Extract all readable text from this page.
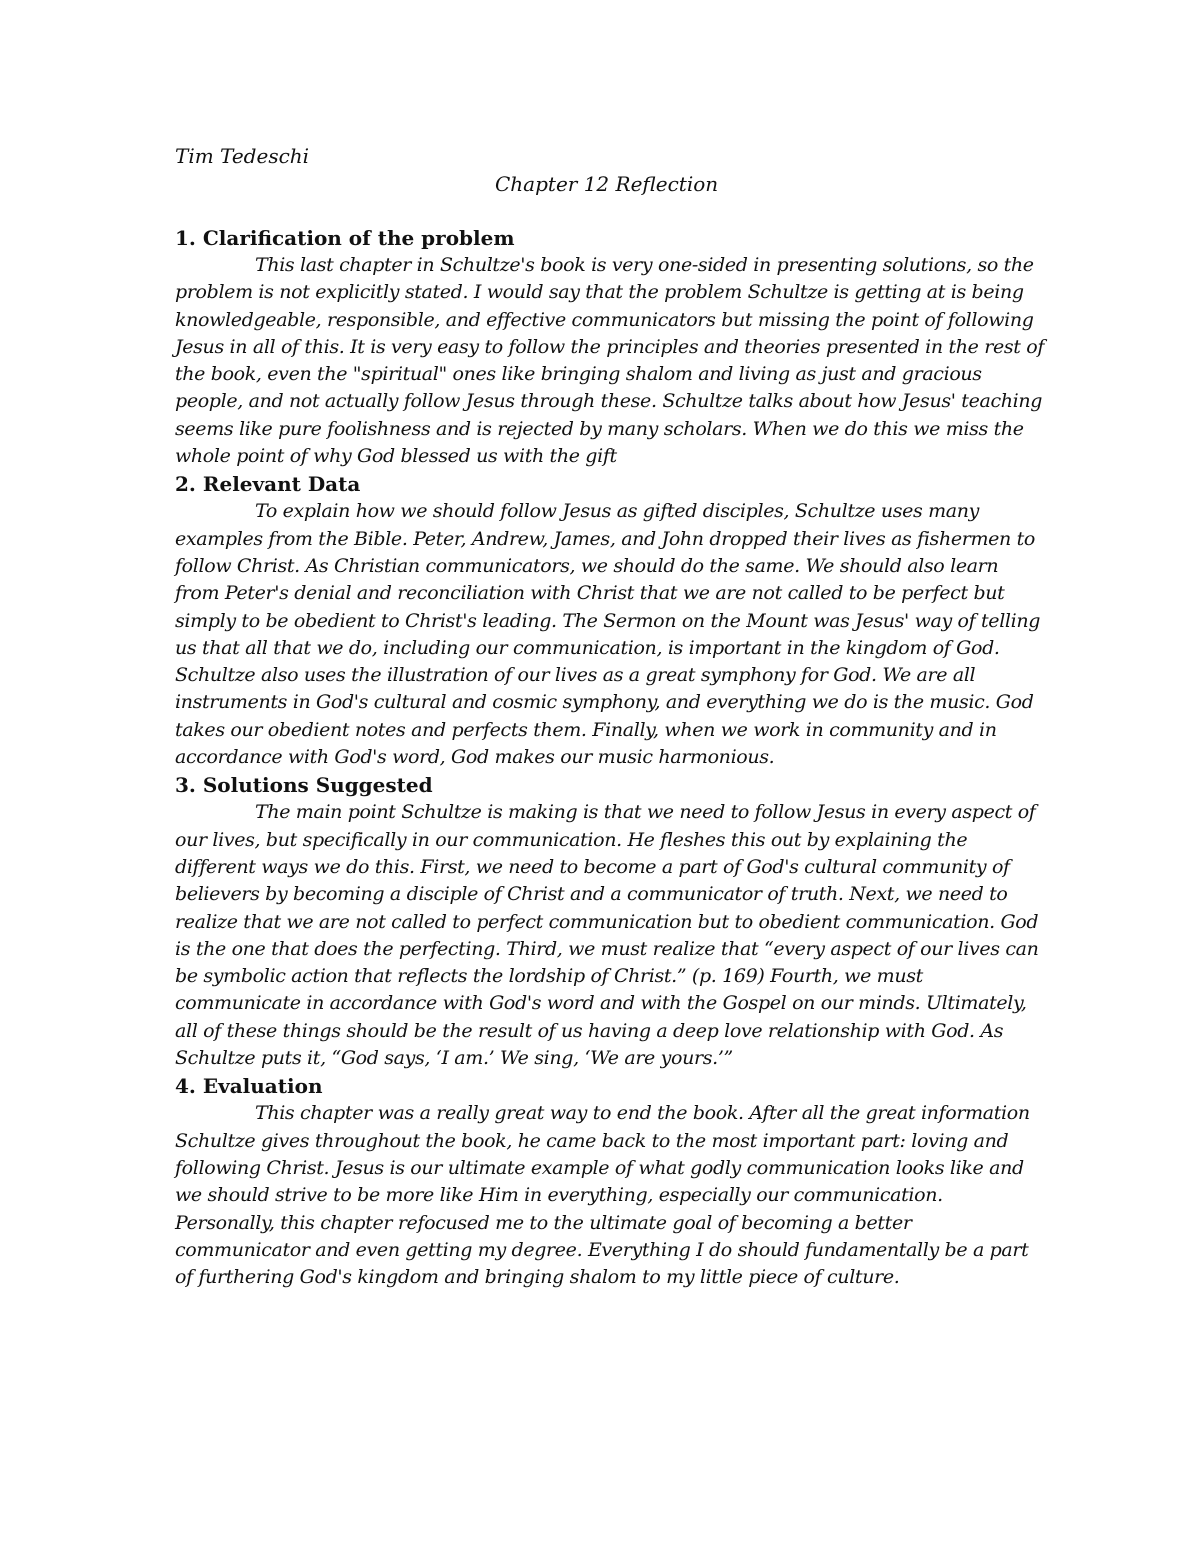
Tim Tedeschi

Chapter 12 Reflection

1. Clarification of the problem

This last chapter in Schultze's book is very one-sided in presenting solutions, so the problem is not explicitly stated. I would say that the problem Schultze is getting at is being knowledgeable, responsible, and effective communicators but missing the point of following Jesus in all of this. It is very easy to follow the principles and theories presented in the rest of the book, even the "spiritual" ones like bringing shalom and living as just and gracious people, and not actually follow Jesus through these. Schultze talks about how Jesus' teaching seems like pure foolishness and is rejected by many scholars. When we do this we miss the whole point of why God blessed us with the gift

2. Relevant Data

To explain how we should follow Jesus as gifted disciples, Schultze uses many examples from the Bible. Peter, Andrew, James, and John dropped their lives as fishermen to follow Christ. As Christian communicators, we should do the same. We should also learn from Peter's denial and reconciliation with Christ that we are not called to be perfect but simply to be obedient to Christ's leading. The Sermon on the Mount was Jesus' way of telling us that all that we do, including our communication, is important in the kingdom of God. Schultze also uses the illustration of our lives as a great symphony for God. We are all instruments in God's cultural and cosmic symphony, and everything we do is the music. God takes our obedient notes and perfects them. Finally, when we work in community and in accordance with God's word, God makes our music harmonious.

3. Solutions Suggested

The main point Schultze is making is that we need to follow Jesus in every aspect of our lives, but specifically in our communication. He fleshes this out by explaining the different ways we do this. First, we need to become a part of God's cultural community of believers by becoming a disciple of Christ and a communicator of truth. Next, we need to realize that we are not called to perfect communication but to obedient communication. God is the one that does the perfecting. Third, we must realize that “every aspect of our lives can be symbolic action that reflects the lordship of Christ.” (p. 169) Fourth, we must communicate in accordance with God's word and with the Gospel on our minds. Ultimately, all of these things should be the result of us having a deep love relationship with God. As Schultze puts it, “God says, ‘I am.’ We sing, ‘We are yours.’”

4. Evaluation

This chapter was a really great way to end the book. After all the great information Schultze gives throughout the book, he came back to the most important part: loving and following Christ. Jesus is our ultimate example of what godly communication looks like and we should strive to be more like Him in everything, especially our communication. Personally, this chapter refocused me to the ultimate goal of becoming a better communicator and even getting my degree. Everything I do should fundamentally be a part of furthering God's kingdom and bringing shalom to my little piece of culture.
